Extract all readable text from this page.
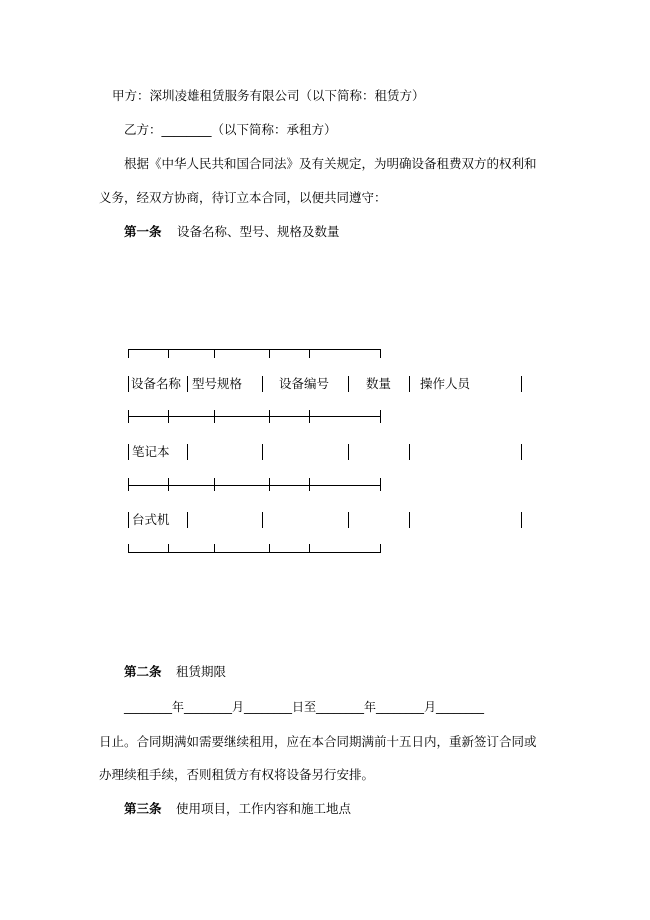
甲方：深圳凌雄租赁服务有限公司（以下简称：租赁方）
乙方：________（以下简称：承租方）
根据《中华人民共和国合同法》及有关规定，为明确设备租费双方的权利和
义务，经双方协商，待订立本合同，以便共同遵守：
第一条 设备名称、型号、规格及数量
设备名称 型号规格	设备编号	数量 操作人员
笔记本
台式机
第二条 租赁期限
________年________月________日至________年________月________
日止。合同期满如需要继续租用，应在本合同期满前十五日内，重新签订合同或
办理续租手续，否则租赁方有权将设备另行安排。
第三条 使用项目，工作内容和施工地点
